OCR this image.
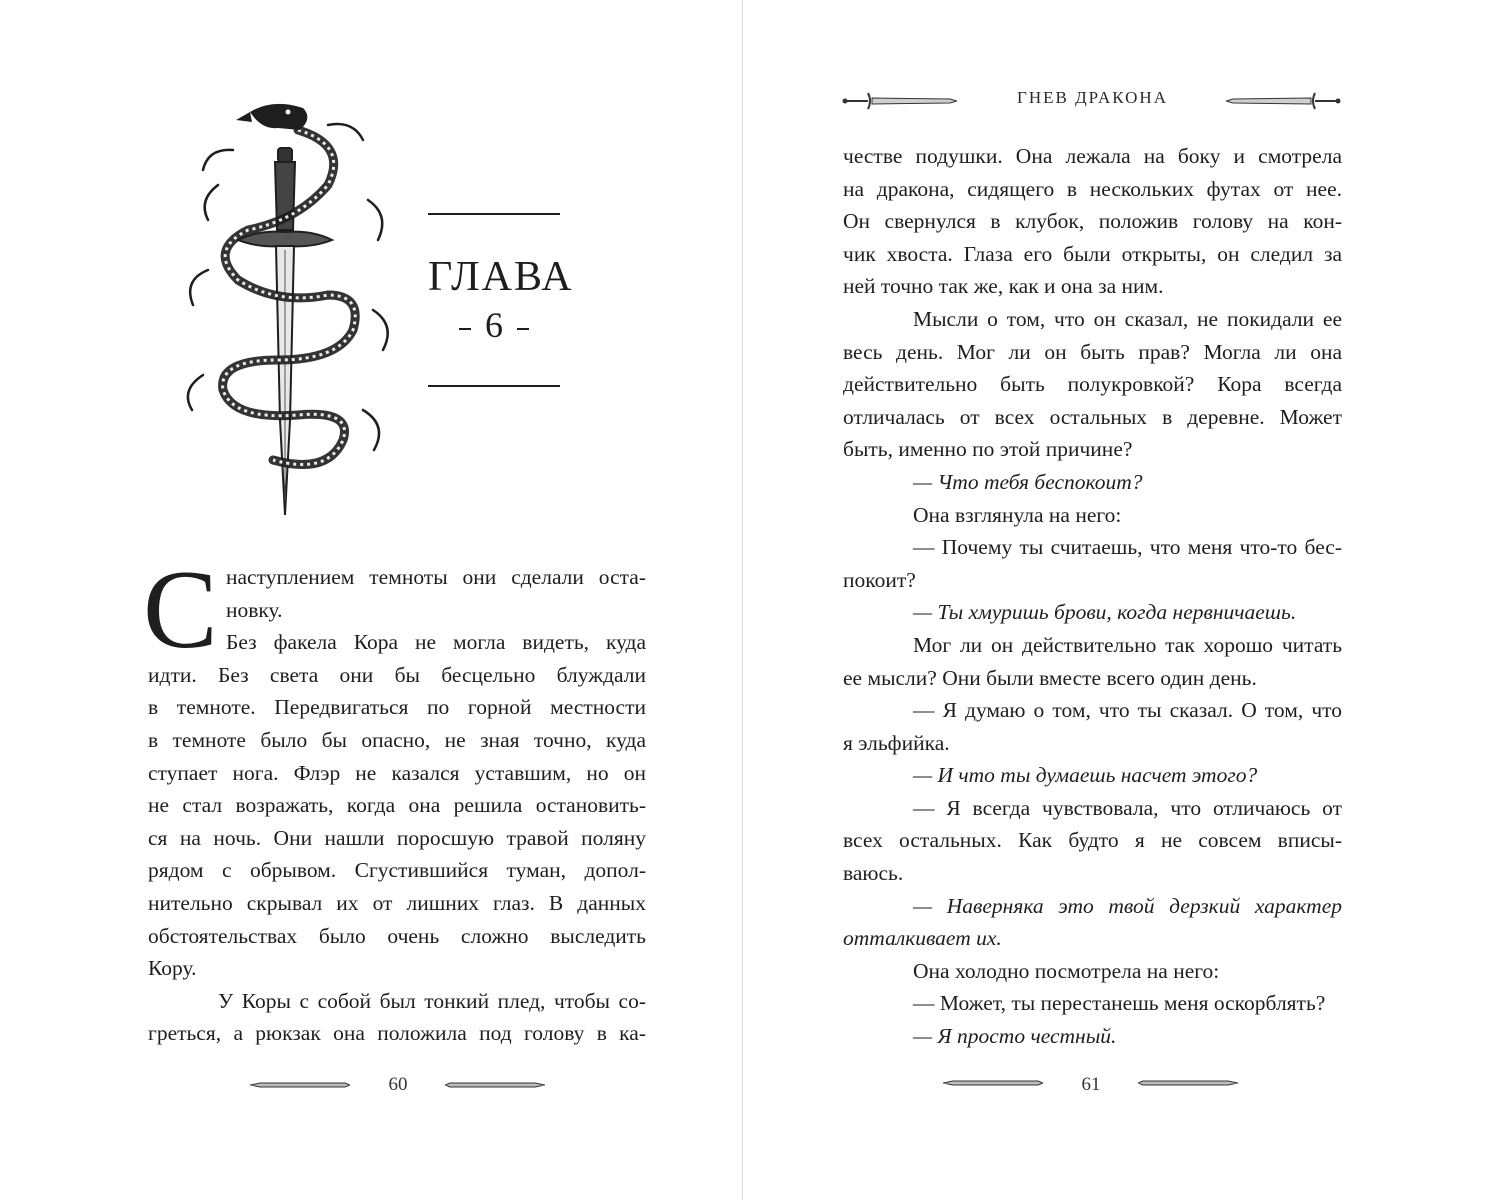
ГЛАВА
6
С наступлением темноты они сделали оста-
новку.
Без факела Кора не могла видеть, куда
идти. Без света они бы бесцельно блуждали
в темноте. Передвигаться по горной местности
в темноте было бы опасно, не зная точно, куда
ступает нога. Флэр не казался уставшим, но он
не стал возражать, когда она решила остановить-
ся на ночь. Они нашли поросшую травой поляну
рядом с обрывом. Сгустившийся туман, допол-
нительно скрывал их от лишних глаз. В данных
обстоятельствах было очень сложно выследить
Кору.
У Коры с собой был тонкий плед, чтобы со-
греться, а рюкзак она положила под голову в ка-
60
ГНЕВ ДРАКОНА
честве подушки. Она лежала на боку и смотрела
на дракона, сидящего в нескольких футах от нее.
Он свернулся в клубок, положив голову на кон-
чик хвоста. Глаза его были открыты, он следил за
ней точно так же, как и она за ним.
Мысли о том, что он сказал, не покидали ее
весь день. Мог ли он быть прав? Могла ли она
действительно быть полукровкой? Кора всегда
отличалась от всех остальных в деревне. Может
быть, именно по этой причине?
— Что тебя беспокоит?
Она взглянула на него:
— Почему ты считаешь, что меня что-то бес-
покоит?
— Ты хмуришь брови, когда нервничаешь.
Мог ли он действительно так хорошо читать
ее мысли? Они были вместе всего один день.
— Я думаю о том, что ты сказал. О том, что
я эльфийка.
— И что ты думаешь насчет этого?
— Я всегда чувствовала, что отличаюсь от
всех остальных. Как будто я не совсем вписы-
ваюсь.
— Наверняка это твой дерзкий характер
отталкивает их.
Она холодно посмотрела на него:
— Может, ты перестанешь меня оскорблять?
— Я просто честный.
61
